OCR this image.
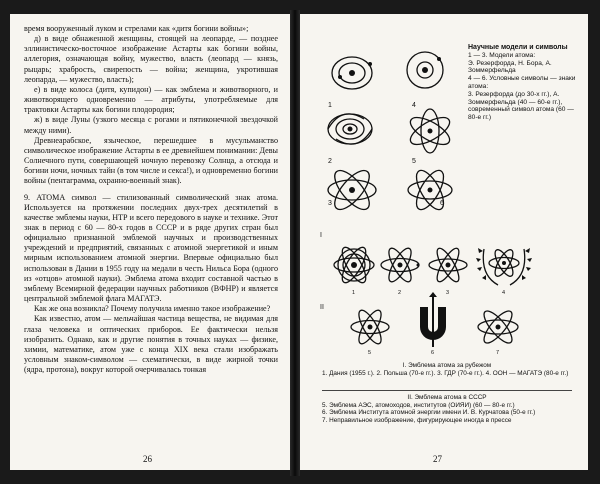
время вооруженный луком и стрелами как «дитя богини войны»;

д) в виде обнаженной женщины, стоящей на леопарде, — позднее эллинистическо-восточное изображение Астарты как богини войны, аллегория, означающая войну, мужество, власть (леопард — князь, рыцарь; храбрость, свирепость — война; женщина, укротившая леопарда, — мужество, власть);

е) в виде колоса (дитя, купидон) — как эмблема и животворного, и животворящего одновременно — атрибуты, употребляемые для трактовки Астарты как богини плодородия;

ж) в виде Луны (узкого месяца с рогами и пятиконечной звездочкой между ними).

Древнеарабское, языческое, перешедшее в мусульманство символическое изображение Астарты в ее древнейшем понимании: Девы Солнечного пути, совершающей ночную перевозку Солнца, а отсюда и богини ночи, ночных тайн (в том числе и секса!), и одновременно богини войны (пентаграмма, охранно-военный знак).

9. АТОМА символ — стилизованный символический знак атома. Используется на протяжении последних двух-трех десятилетий в качестве эмблемы науки, НТР и всего передового в науке и технике. Этот знак в период с 60 — 80-х годов в СССР и в ряде других стран был официально признанной эмблемой научных и производственных учреждений и предприятий, связанных с атомной энергетикой и иным мирным использованием атомной энергии. Впервые официально был использован в Дании в 1955 году на медали в честь Нильса Бора (одного из «отцов» атомной науки). Эмблема атома входит составной частью в эмблему Всемирной федерации научных работников (ВФНР) и является центральной эмблемой флага МАГАТЭ.

Как же она возникла? Почему получила именно такое изображение?

Как известно, атом — мельчайшая частица вещества, не видимая для глаза человека и оптических приборов. Ее фактически нельзя изобразить. Однако, как и другие понятия в точных науках — физике, химии, математике, атом уже с конца XIX века стали изображать условным знаком-символом — схематически, в виде жирной точки (ядра, протона), вокруг которой очерчивалась тонкая

26
1
2
3
4
5
6
Научные модели и символы
1 — 3. Модели атома:
Э. Резерфорда, Н. Бора, А. Зоммерфельда
4 — 6. Условные символы — знаки атома:
3. Резерфорда (до 30-х гг.), А. Зоммерфельда (40 — 60-е гг.), современный символ атома (60 — 80-е гг.)
I
II
1	2	3	4
5	6	7
I. Эмблема атома за рубежом
1. Дания (1955 г.). 2. Польша (70-е гг.). 3. ГДР (70-е гг.). 4. ООН — МАГАТЭ (80-е гг.)
II. Эмблема атома в СССР
5. Эмблема АЭС, атомоходов, институтов (ОИЯИ) (60 — 80-е гг.)
6. Эмблема Института атомной энергии имени И. В. Курчатова (50-е гг.)
7. Неправильное изображение, фигурирующее иногда в прессе
27
